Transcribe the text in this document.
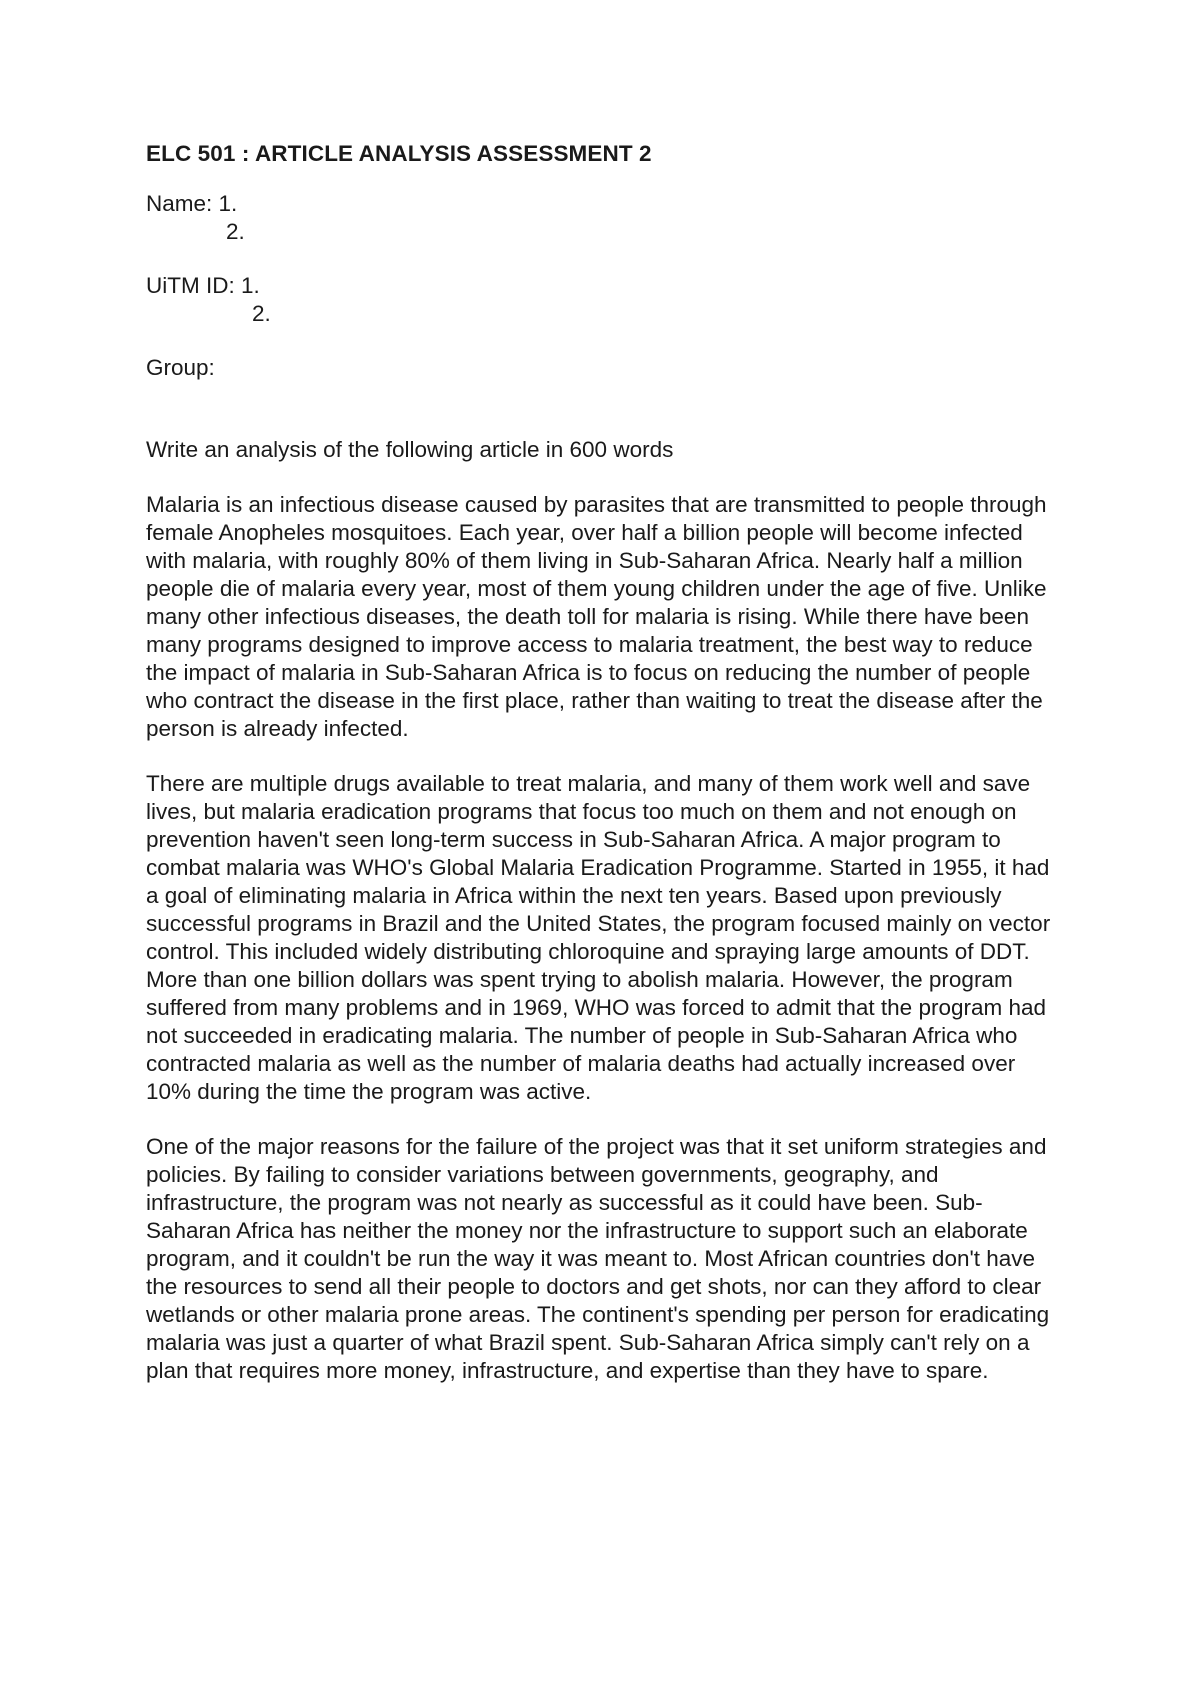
ELC 501 : ARTICLE ANALYSIS ASSESSMENT 2
Name: 1.
2.
UiTM ID: 1.
2.
Group:

Write an analysis of the following article in 600 words

Malaria is an infectious disease caused by parasites that are transmitted to people through female Anopheles mosquitoes. Each year, over half a billion people will become infected with malaria, with roughly 80% of them living in Sub-Saharan Africa. Nearly half a million people die of malaria every year, most of them young children under the age of five. Unlike many other infectious diseases, the death toll for malaria is rising. While there have been many programs designed to improve access to malaria treatment, the best way to reduce the impact of malaria in Sub-Saharan Africa is to focus on reducing the number of people who contract the disease in the first place, rather than waiting to treat the disease after the person is already infected.

There are multiple drugs available to treat malaria, and many of them work well and save lives, but malaria eradication programs that focus too much on them and not enough on prevention haven't seen long-term success in Sub-Saharan Africa. A major program to combat malaria was WHO's Global Malaria Eradication Programme. Started in 1955, it had a goal of eliminating malaria in Africa within the next ten years. Based upon previously successful programs in Brazil and the United States, the program focused mainly on vector control. This included widely distributing chloroquine and spraying large amounts of DDT. More than one billion dollars was spent trying to abolish malaria. However, the program suffered from many problems and in 1969, WHO was forced to admit that the program had not succeeded in eradicating malaria. The number of people in Sub-Saharan Africa who contracted malaria as well as the number of malaria deaths had actually increased over 10% during the time the program was active.

One of the major reasons for the failure of the project was that it set uniform strategies and policies. By failing to consider variations between governments, geography, and infrastructure, the program was not nearly as successful as it could have been. Sub-Saharan Africa has neither the money nor the infrastructure to support such an elaborate program, and it couldn't be run the way it was meant to. Most African countries don't have the resources to send all their people to doctors and get shots, nor can they afford to clear wetlands or other malaria prone areas. The continent's spending per person for eradicating malaria was just a quarter of what Brazil spent. Sub-Saharan Africa simply can't rely on a plan that requires more money, infrastructure, and expertise than they have to spare.
